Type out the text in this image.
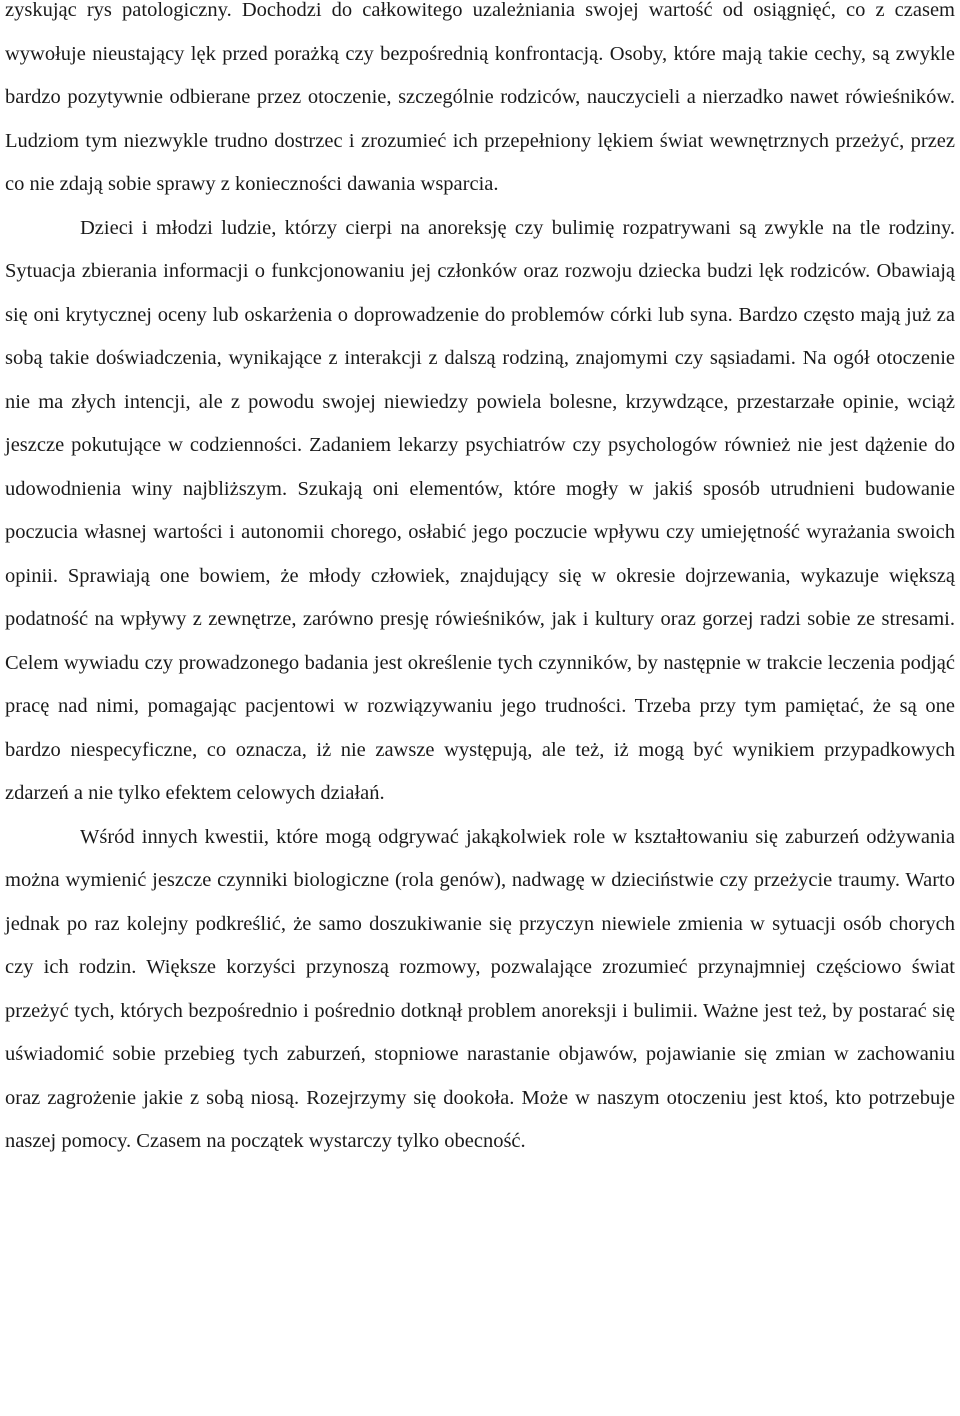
zyskując rys patologiczny. Dochodzi do całkowitego uzależniania swojej wartość od osiągnięć, co z czasem wywołuje nieustający lęk przed porażką czy bezpośrednią konfrontacją. Osoby, które mają takie cechy, są zwykle bardzo pozytywnie odbierane przez otoczenie, szczególnie rodziców, nauczycieli a nierzadko nawet rówieśników. Ludziom tym niezwykle trudno dostrzec i zrozumieć ich przepełniony lękiem świat wewnętrznych przeżyć, przez co nie zdają sobie sprawy z konieczności dawania wsparcia.

Dzieci i młodzi ludzie, którzy cierpi na anoreksję czy bulimię rozpatrywani są zwykle na tle rodziny. Sytuacja zbierania informacji o funkcjonowaniu jej członków oraz rozwoju dziecka budzi lęk rodziców. Obawiają się oni krytycznej oceny lub oskarżenia o doprowadzenie do problemów córki lub syna. Bardzo często mają już za sobą takie doświadczenia, wynikające z interakcji z dalszą rodziną, znajomymi czy sąsiadami. Na ogół otoczenie nie ma złych intencji, ale z powodu swojej niewiedzy powiela bolesne, krzywdzące, przestarzałe opinie, wciąż jeszcze pokutujące w codzienności. Zadaniem lekarzy psychiatrów czy psychologów również nie jest dążenie do udowodnienia winy najbliższym. Szukają oni elementów, które mogły w jakiś sposób utrudnieni budowanie poczucia własnej wartości i autonomii chorego, osłabić jego poczucie wpływu czy umiejętność wyrażania swoich opinii. Sprawiają one bowiem, że młody człowiek, znajdujący się w okresie dojrzewania, wykazuje większą podatność na wpływy z zewnętrze, zarówno presję rówieśników, jak i kultury oraz gorzej radzi sobie ze stresami. Celem wywiadu czy prowadzonego badania jest określenie tych czynników, by następnie w trakcie leczenia podjąć pracę nad nimi, pomagając pacjentowi w rozwiązywaniu jego trudności. Trzeba przy tym pamiętać, że są one bardzo niespecyficzne, co oznacza, iż nie zawsze występują, ale też, iż mogą być wynikiem przypadkowych zdarzeń a nie tylko efektem celowych działań.

Wśród innych kwestii, które mogą odgrywać jakąkolwiek role w kształtowaniu się zaburzeń odżywania można wymienić jeszcze czynniki biologiczne (rola genów), nadwagę w dzieciństwie czy przeżycie traumy. Warto jednak po raz kolejny podkreślić, że samo doszukiwanie się przyczyn niewiele zmienia w sytuacji osób chorych czy ich rodzin. Większe korzyści przynoszą rozmowy, pozwalające zrozumieć przynajmniej częściowo świat przeżyć tych, których bezpośrednio i pośrednio dotknął problem anoreksji i bulimii. Ważne jest też, by postarać się uświadomić sobie przebieg tych zaburzeń, stopniowe narastanie objawów, pojawianie się zmian w zachowaniu oraz zagrożenie jakie z sobą niosą. Rozejrzymy się dookoła. Może w naszym otoczeniu jest ktoś, kto potrzebuje naszej pomocy. Czasem na początek wystarczy tylko obecność.
